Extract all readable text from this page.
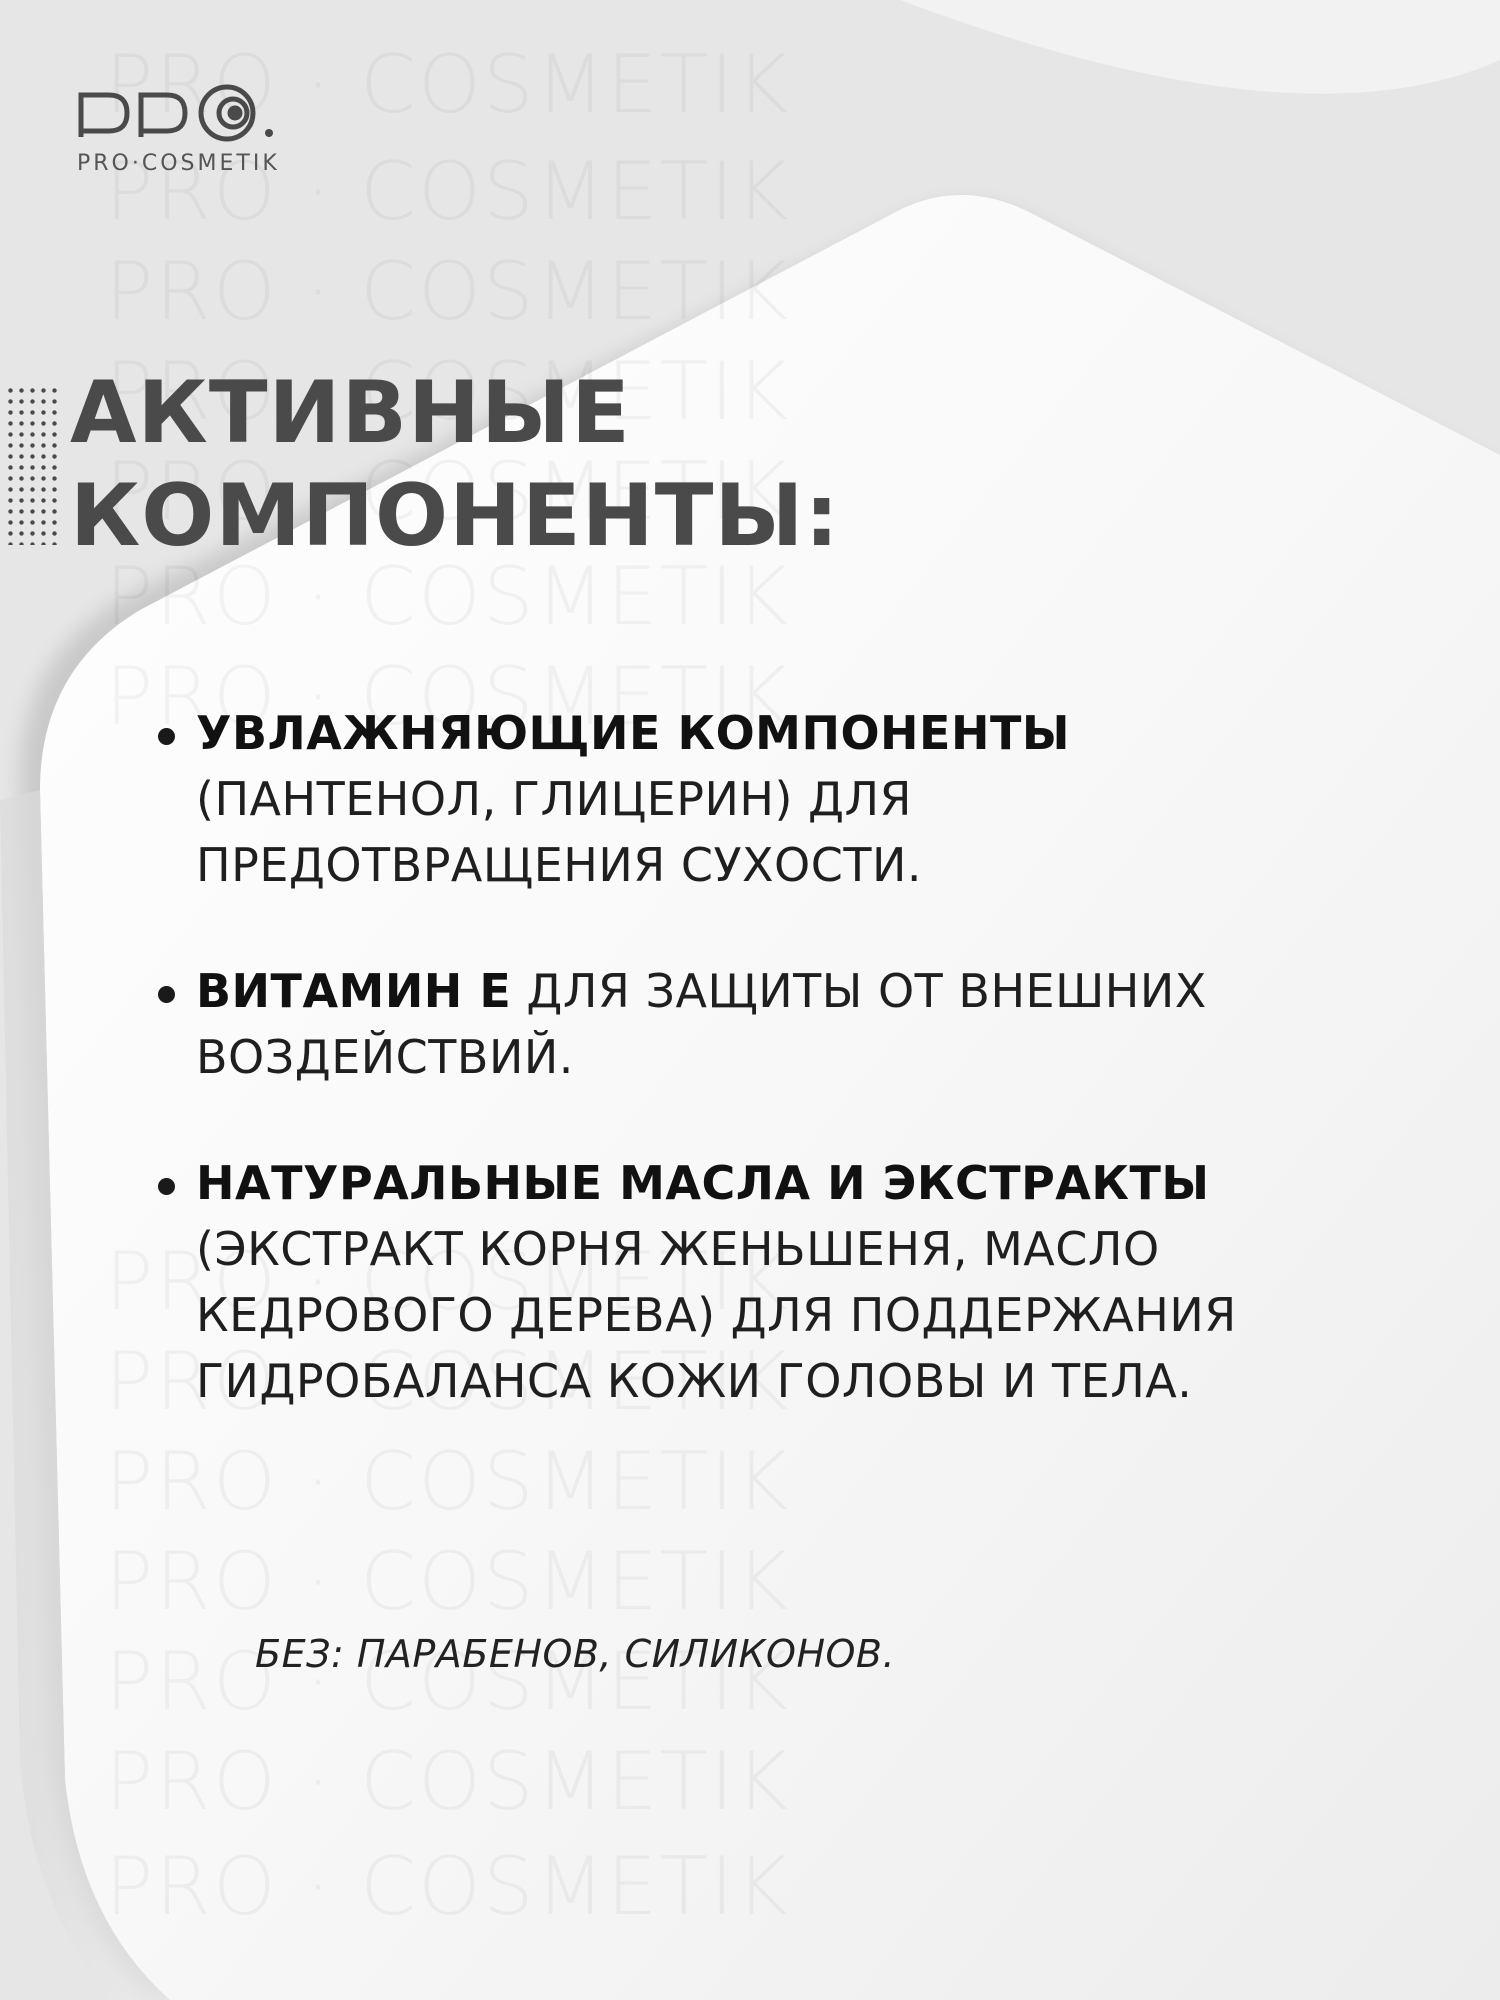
PRO·COSMETIK
АКТИВНЫЕ
КОМПОНЕНТЫ:
УВЛАЖНЯЮЩИЕ КОМПОНЕНТЫ
(ПАНТЕНОЛ, ГЛИЦЕРИН) ДЛЯ ПРЕДОТВРАЩЕНИЯ СУХОСТИ.
ВИТАМИН Е ДЛЯ ЗАЩИТЫ ОТ ВНЕШНИХ ВОЗДЕЙСТВИЙ.
НАТУРАЛЬНЫЕ МАСЛА И ЭКСТРАКТЫ
(ЭКСТРАКТ КОРНЯ ЖЕНЬШЕНЯ, МАСЛО КЕДРОВОГО ДЕРЕВА) ДЛЯ ПОДДЕРЖАНИЯ ГИДРОБАЛАНСА КОЖИ ГОЛОВЫ И ТЕЛА.
БЕЗ: ПАРАБЕНОВ, СИЛИКОНОВ.
